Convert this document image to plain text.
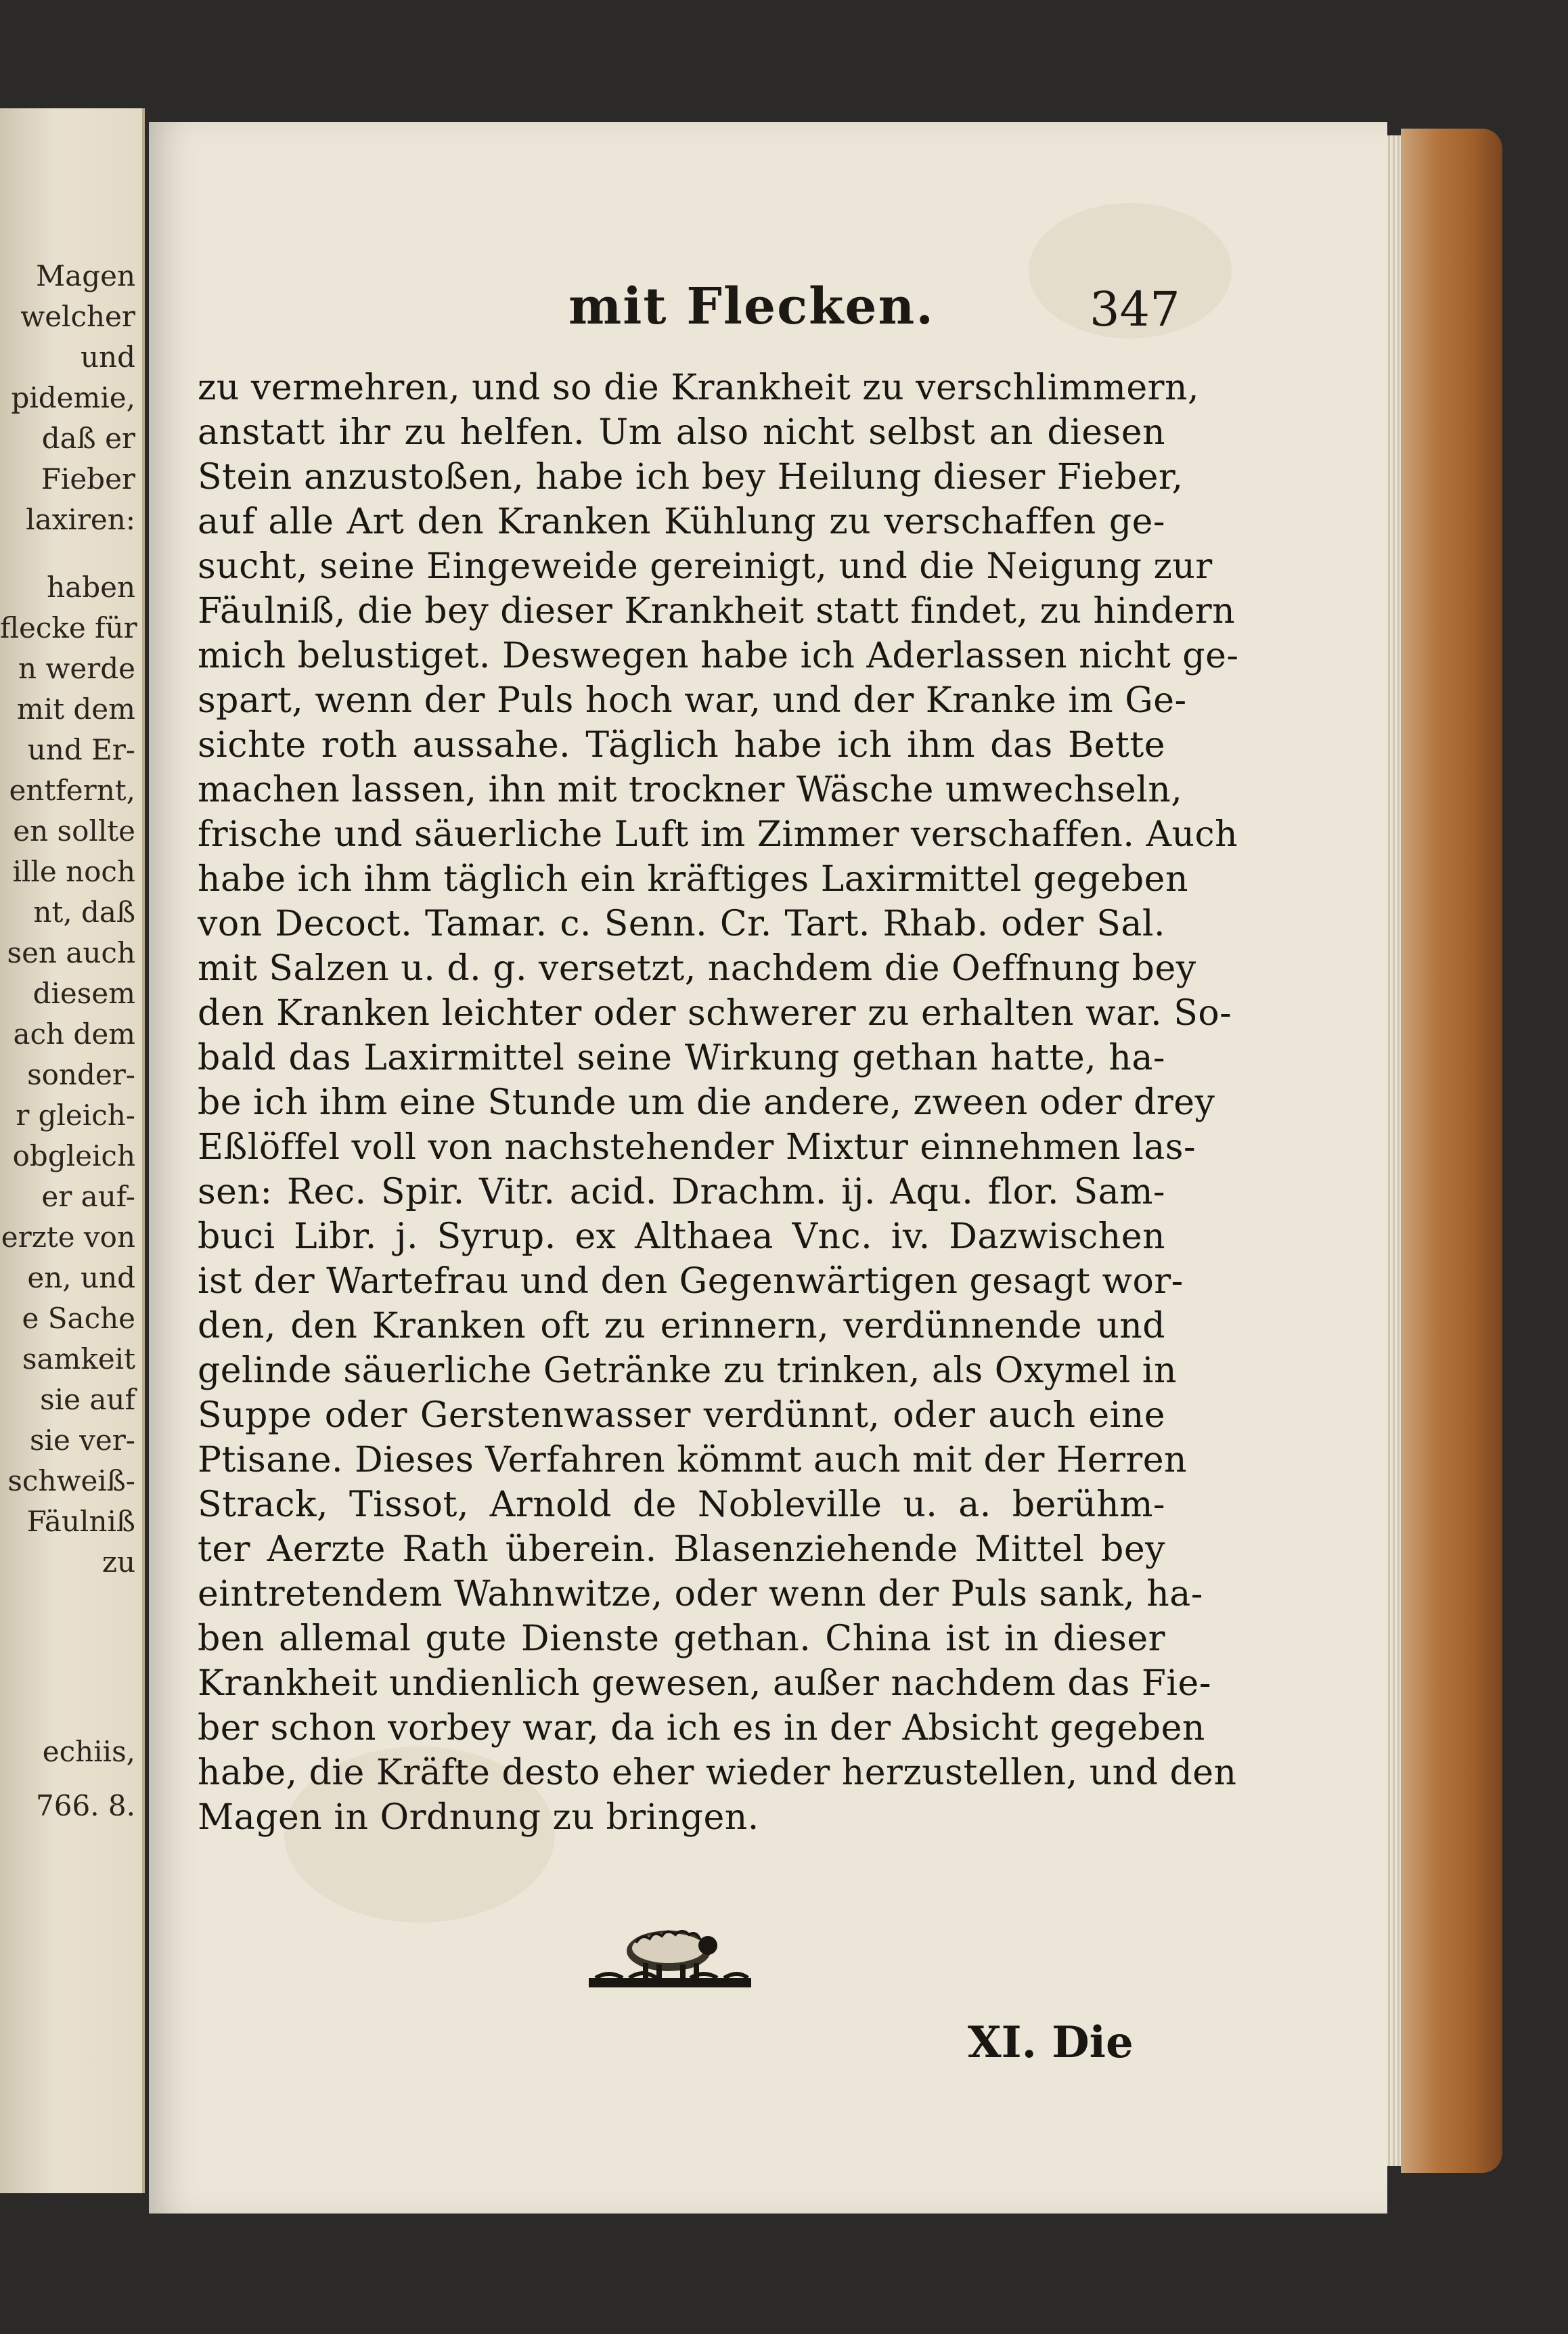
Magen
welcher
und
pidemie,
daß er
Fieber
laxiren:
haben
flecke für
n werde
mit dem
und Er-
entfernt,
en sollte
ille noch
nt, daß
sen auch
diesem
ach dem
sonder-
r gleich-
obgleich
er auf-
erzte von
en, und
e Sache
samkeit
sie auf
sie ver-
schweiß-
Fäulniß
zu
echiis,
766. 8.
mit Flecken.	347
zu vermehren, und so die Krankheit zu verschlimmern,
anstatt ihr zu helfen. Um also nicht selbst an diesen
Stein anzustoßen, habe ich bey Heilung dieser Fieber,
auf alle Art den Kranken Kühlung zu verschaffen ge-
sucht, seine Eingeweide gereinigt, und die Neigung zur
Fäulniß, die bey dieser Krankheit statt findet, zu hindern
mich belustiget. Deswegen habe ich Aderlassen nicht ge-
spart, wenn der Puls hoch war, und der Kranke im Ge-
sichte roth aussahe. Täglich habe ich ihm das Bette
machen lassen, ihn mit trockner Wäsche umwechseln,
frische und säuerliche Luft im Zimmer verschaffen. Auch
habe ich ihm täglich ein kräftiges Laxirmittel gegeben
von Decoct. Tamar. c. Senn. Cr. Tart. Rhab. oder Sal.
mit Salzen u. d. g. versetzt, nachdem die Oeffnung bey
den Kranken leichter oder schwerer zu erhalten war. So-
bald das Laxirmittel seine Wirkung gethan hatte, ha-
be ich ihm eine Stunde um die andere, zween oder drey
Eßlöffel voll von nachstehender Mixtur einnehmen las-
sen: Rec. Spir. Vitr. acid. Drachm. ij. Aqu. flor. Sam-
buci Libr. j. Syrup. ex Althaea Vnc. iv. Dazwischen
ist der Wartefrau und den Gegenwärtigen gesagt wor-
den, den Kranken oft zu erinnern, verdünnende und
gelinde säuerliche Getränke zu trinken, als Oxymel in
Suppe oder Gerstenwasser verdünnt, oder auch eine
Ptisane. Dieses Verfahren kömmt auch mit der Herren
Strack, Tissot, Arnold de Nobleville u. a. berühm-
ter Aerzte Rath überein. Blasenziehende Mittel bey
eintretendem Wahnwitze, oder wenn der Puls sank, ha-
ben allemal gute Dienste gethan. China ist in dieser
Krankheit undienlich gewesen, außer nachdem das Fie-
ber schon vorbey war, da ich es in der Absicht gegeben
habe, die Kräfte desto eher wieder herzustellen, und den
Magen in Ordnung zu bringen.
XI. Die
